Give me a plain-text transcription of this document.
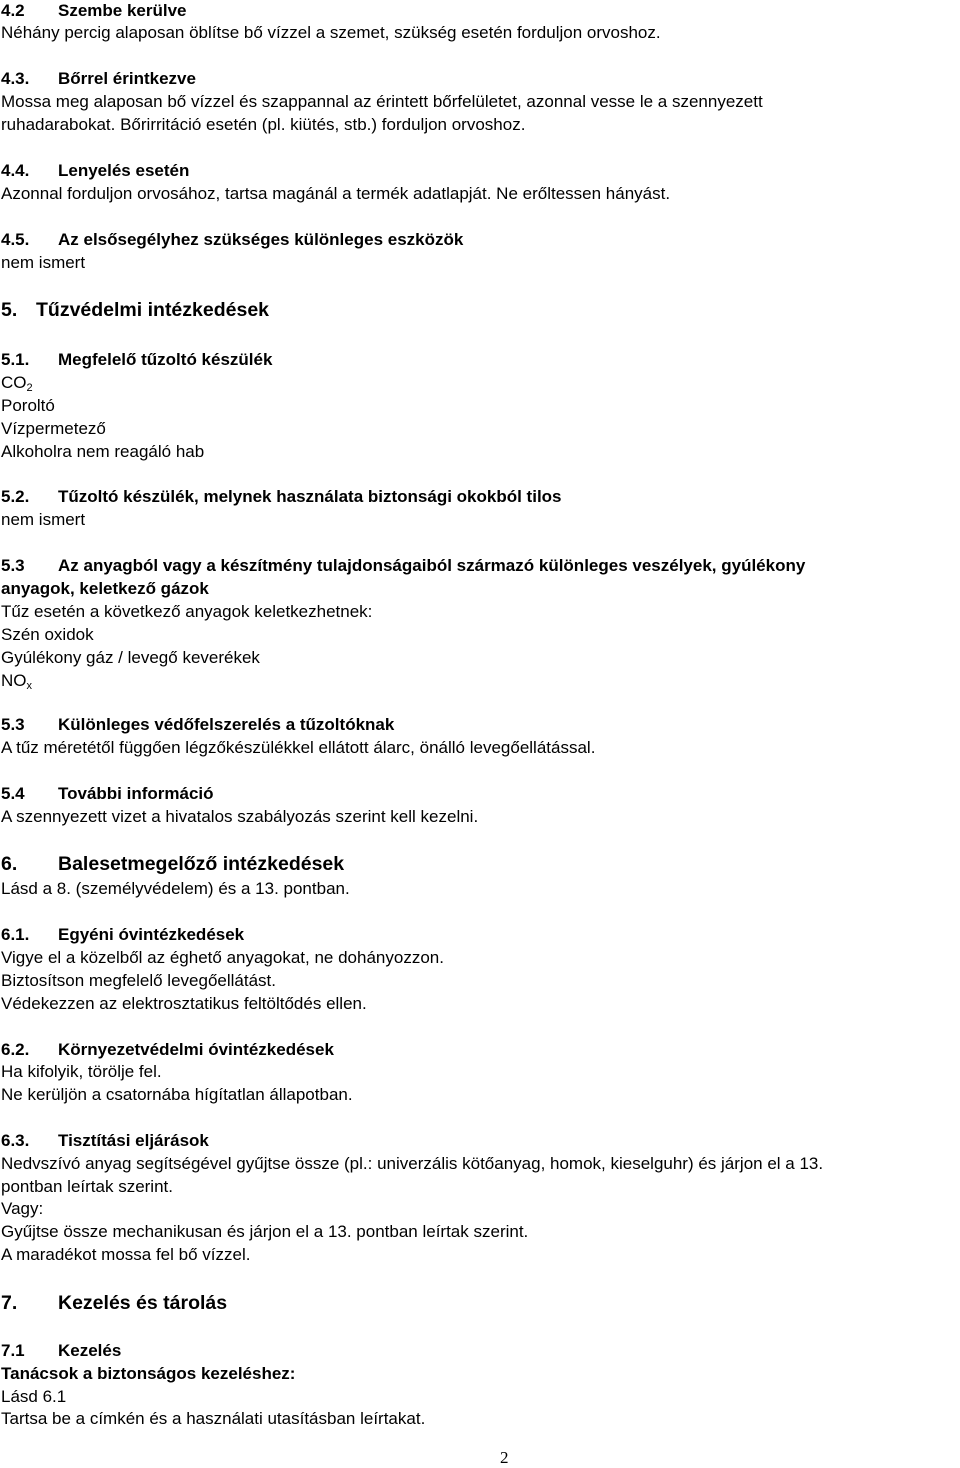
4.2 Szembe kerülve
Néhány percig alaposan öblítse bő vízzel a szemet, szükség esetén forduljon orvoshoz.
4.3. Bőrrel érintkezve
Mossa meg alaposan bő vízzel és szappannal az érintett bőrfelületet, azonnal vesse le a szennyezett
ruhadarabokat. Bőrirritáció esetén (pl. kiütés, stb.) forduljon orvoshoz.
4.4. Lenyelés esetén
Azonnal forduljon orvosához, tartsa magánál a termék adatlapját. Ne erőltessen hányást.
4.5. Az elsősegélyhez szükséges különleges eszközök
nem ismert
5. Tűzvédelmi intézkedések
5.1. Megfelelő tűzoltó készülék
$CO_2$
Poroltó
Vízpermetező
Alkoholra nem reagáló hab
5.2. Tűzoltó készülék, melynek használata biztonsági okokból tilos
nem ismert
5.3 Az anyagból vagy a készítmény tulajdonságaiból származó különleges veszélyek, gyúlékony
anyagok, keletkező gázok
Tűz esetén a következő anyagok keletkezhetnek:
Szén oxidok
Gyúlékony gáz / levegő keverékek
$NO_x$
5.3 Különleges védőfelszerelés a tűzoltóknak
A tűz méretétől függően légzőkészülékkel ellátott álarc, önálló levegőellátással.
5.4 További információ
A szennyezett vizet a hivatalos szabályozás szerint kell kezelni.
6. Balesetmegelőző intézkedések
Lásd a 8. (személyvédelem) és a 13. pontban.
6.1. Egyéni óvintézkedések
Vigye el a közelből az éghető anyagokat, ne dohányozzon.
Biztosítson megfelelő levegőellátást.
Védekezzen az elektrosztatikus feltöltődés ellen.
6.2. Környezetvédelmi óvintézkedések
Ha kifolyik, törölje fel.
Ne kerüljön a csatornába hígítatlan állapotban.
6.3. Tisztítási eljárások
Nedvszívó anyag segítségével gyűjtse össze (pl.: univerzális kötőanyag, homok, kieselguhr) és járjon el a 13.
pontban leírtak szerint.
Vagy:
Gyűjtse össze mechanikusan és járjon el a 13. pontban leírtak szerint.
A maradékot mossa fel bő vízzel.
7. Kezelés és tárolás
7.1 Kezelés
Tanácsok a biztonságos kezeléshez:
Lásd 6.1
Tartsa be a címkén és a használati utasításban leírtakat.
2
